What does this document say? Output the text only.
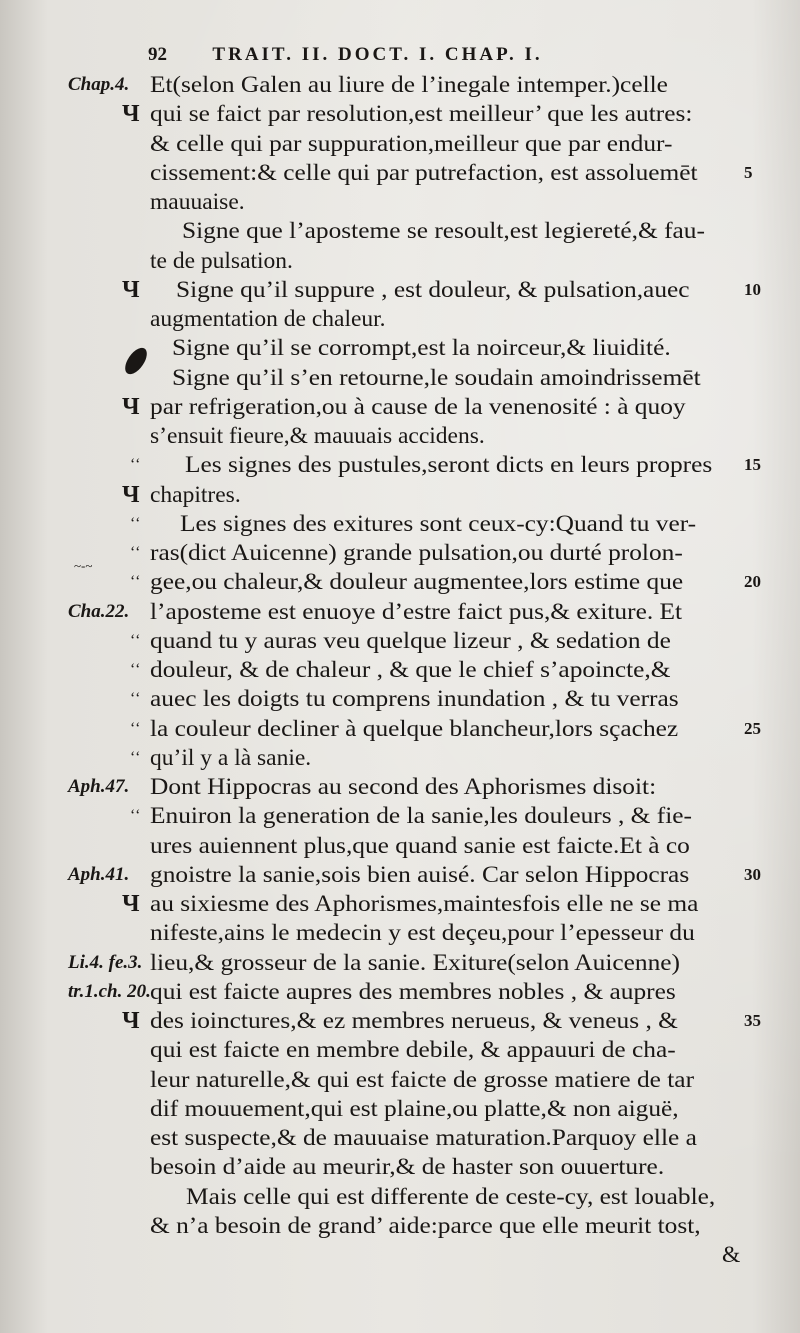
92 TRAIT. II. DOCT. I. CHAP. I.
~-~
Chap.4. Et(selon Galen au liure de l’inegale intemper.)celle
Ч qui se faict par resolution,est meilleur’ que les autres:
& celle qui par suppuration,meilleur que par endur-
cissement:& celle qui par putrefaction, est assoluemēt	5
mauuaise.
Signe que l’aposteme se resoult,est legiereté,& fau-
te de pulsation.
Ч Signe qu’il suppure , est douleur, & pulsation,auec	10
augmentation de chaleur.
Signe qu’il se corrompt,est la noirceur,& liuidité.
Signe qu’il s’en retourne,le soudain amoindrissemēt
Ч par refrigeration,ou à cause de la venenosité : à quoy
s’ensuit fieure,& mauuais accidens.
‘‘ Les signes des pustules,seront dicts en leurs propres 15
Ч chapitres.
‘‘ Les signes des exitures sont ceux-cy:Quand tu ver-
‘‘ ras(dict Auicenne) grande pulsation,ou durté prolon-
‘‘ gee,ou chaleur,& douleur augmentee,lors estime que	20
Cha.22. l’aposteme est enuoye d’estre faict pus,& exiture. Et
‘‘ quand tu y auras veu quelque lizeur , & sedation de
‘‘ douleur, & de chaleur , & que le chief s’apoincte,&
‘‘ auec les doigts tu comprens inundation , & tu verras
‘‘ la couleur decliner à quelque blancheur,lors sçachez	25
‘‘ qu’il y a là sanie.
Aph.47. Dont Hippocras au second des Aphorismes disoit:
‘‘ Enuiron la generation de la sanie,les douleurs , & fie-
ures auiennent plus,que quand sanie est faicte.Et à co
Aph.41. gnoistre la sanie,sois bien auisé. Car selon Hippocras	30
Ч au sixiesme des Aphorismes,maintesfois elle ne se ma
nifeste,ains le medecin y est deçeu,pour l’epesseur du
Li.4. fe.3. lieu,& grosseur de la sanie. Exiture(selon Auicenne)
tr.1.ch. 20. qui est faicte aupres des membres nobles , & aupres
Ч des ioinctures,& ez membres nerueus, & veneus , &	35
qui est faicte en membre debile, & appauuri de cha-
leur naturelle,& qui est faicte de grosse matiere de tar
dif mouuement,qui est plaine,ou platte,& non aiguë,
est suspecte,& de mauuaise maturation.Parquoy elle a
besoin d’aide au meurir,& de haster son ouuerture.
Mais celle qui est differente de ceste-cy, est louable,
& n’a besoin de grand’ aide:parce que elle meurit tost,
&
